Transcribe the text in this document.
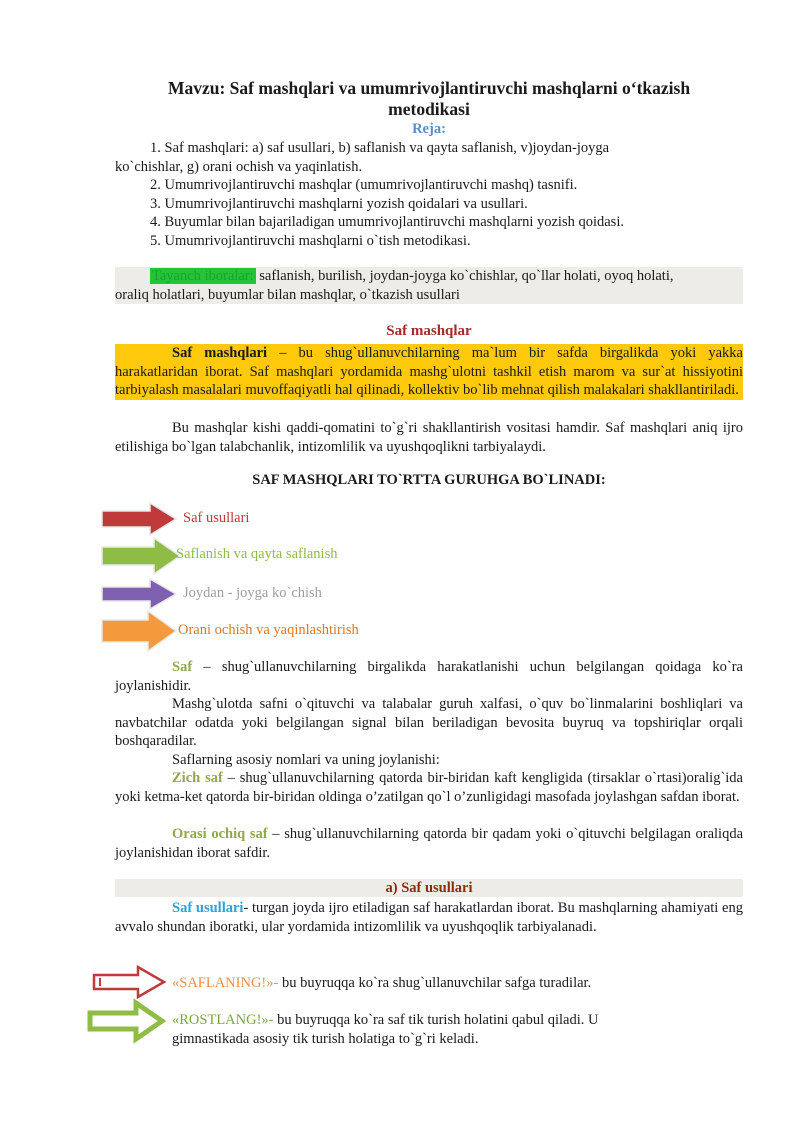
Mavzu: Saf mashqlari va umumrivojlantiruvchi mashqlarni o‘tkazish
metodikasi
Reja:
1. Saf mashqlari: a) saf usullari, b) saflanish va qayta saflanish, v)joydan-joyga
ko`chishlar, g) orani ochish va yaqinlatish.
2. Umumrivojlantiruvchi mashqlar (umumrivojlantiruvchi mashq) tasnifi.
3. Umumrivojlantiruvchi mashqlarni yozish qoidalari va usullari.
4. Buyumlar bilan bajariladigan umumrivojlantiruvchi mashqlarni yozish qoidasi.
5. Umumrivojlantiruvchi mashqlarni o`tish metodikasi.
Tayanch iboralar: saflanish, burilish, joydan-joyga ko`chishlar, qo`llar holati, oyoq holati,
oraliq holatlari, buyumlar bilan mashqlar, o`tkazish usullari
Saf mashqlar
Saf mashqlari – bu shug`ullanuvchilarning ma`lum bir safda birgalikda yoki yakka harakatlaridan iborat. Saf mashqlari yordamida mashg`ulotni tashkil etish marom va sur`at hissiyotini tarbiyalash masalalari muvoffaqiyatli hal qilinadi, kollektiv bo`lib mehnat qilish malakalari shakllantiriladi.
Bu mashqlar kishi qaddi-qomatini to`g`ri shakllantirish vositasi hamdir. Saf mashqlari aniq ijro etilishiga bo`lgan talabchanlik, intizomlilik va uyushqoqlikni tarbiyalaydi.
SAF MASHQLARI TO`RTTA GURUHGA BO`LINADI:
Saf usullari
Saflanish va qayta saflanish
Joydan - joyga ko`chish
Orani ochish va yaqinlashtirish
Saf – shug`ullanuvchilarning birgalikda harakatlanishi uchun belgilangan qoidaga ko`ra joylanishidir.
Mashg`ulotda safni o`qituvchi va talabalar guruh xalfasi, o`quv bo`linmalarini boshliqlari va navbatchilar odatda yoki belgilangan signal bilan beriladigan bevosita buyruq va topshiriqlar orqali boshqaradilar.
Saflarning asosiy nomlari va uning joylanishi:
Zich saf – shug`ullanuvchilarning qatorda bir-biridan kaft kengligida (tirsaklar o`rtasi)oralig`ida yoki ketma-ket qatorda bir-biridan oldinga o’zatilgan qo`l o’zunligidagi masofada joylashgan safdan iborat.
Orasi ochiq saf – shug`ullanuvchilarning qatorda bir qadam yoki o`qituvchi belgilagan oraliqda joylanishidan iborat safdir.
a) Saf usullari
Saf usullari- turgan joyda ijro etiladigan saf harakatlardan iborat. Bu mashqlarning ahamiyati eng avvalo shundan iboratki, ular yordamida intizomlilik va uyushqoqlik tarbiyalanadi.
«SAFLANING!»- bu buyruqqa ko`ra shug`ullanuvchilar safga turadilar.
«ROSTLANG!»- bu buyruqqa ko`ra saf tik turish holatini qabul qiladi. U gimnastikada asosiy tik turish holatiga to`g`ri keladi.
